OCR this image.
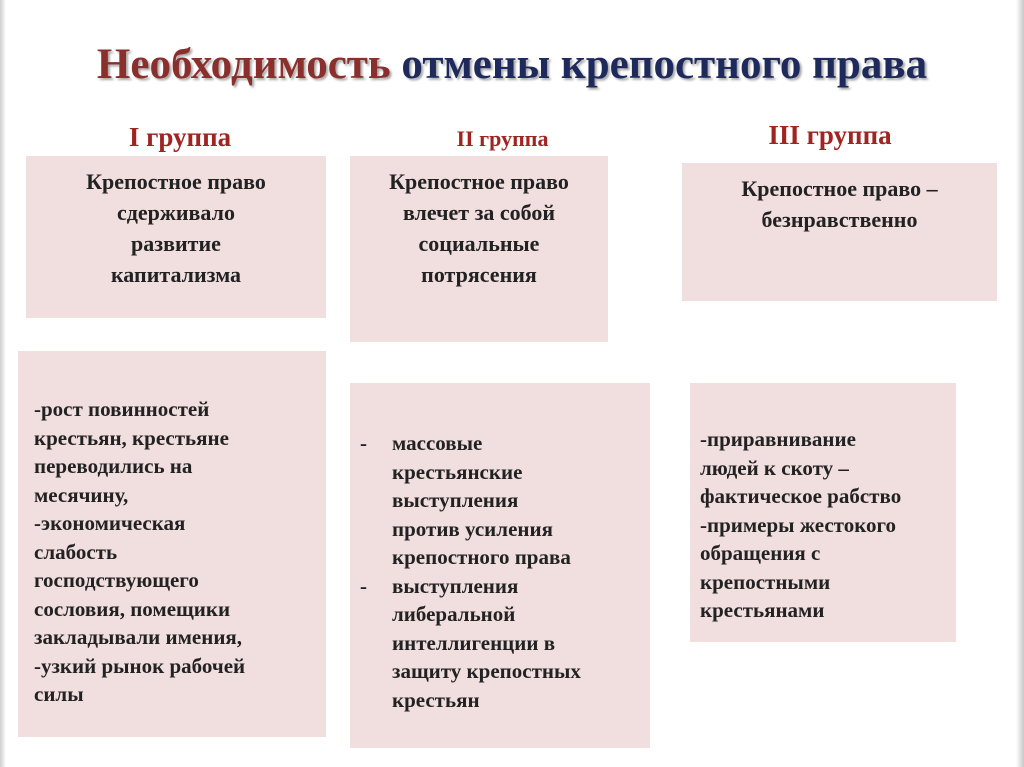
Необходимость отмены крепостного права
I группа
Крепостное право
сдерживало
развитие
капитализма
-рост повинностей
крестьян, крестьяне
переводились на
месячину,
-экономическая
слабость
господствующего
сословия, помещики
закладывали имения,
-узкий рынок рабочей
силы
II группа
Крепостное право
влечет за собой
социальные
потрясения
- массовые
крестьянские
выступления
против усиления
крепостного права
- выступления
либеральной
интеллигенции в
защиту крепостных
крестьян
III группа
Крепостное право –
безнравственно
-приравнивание
людей к скоту –
фактическое рабство
-примеры жестокого
обращения с
крепостными
крестьянами
